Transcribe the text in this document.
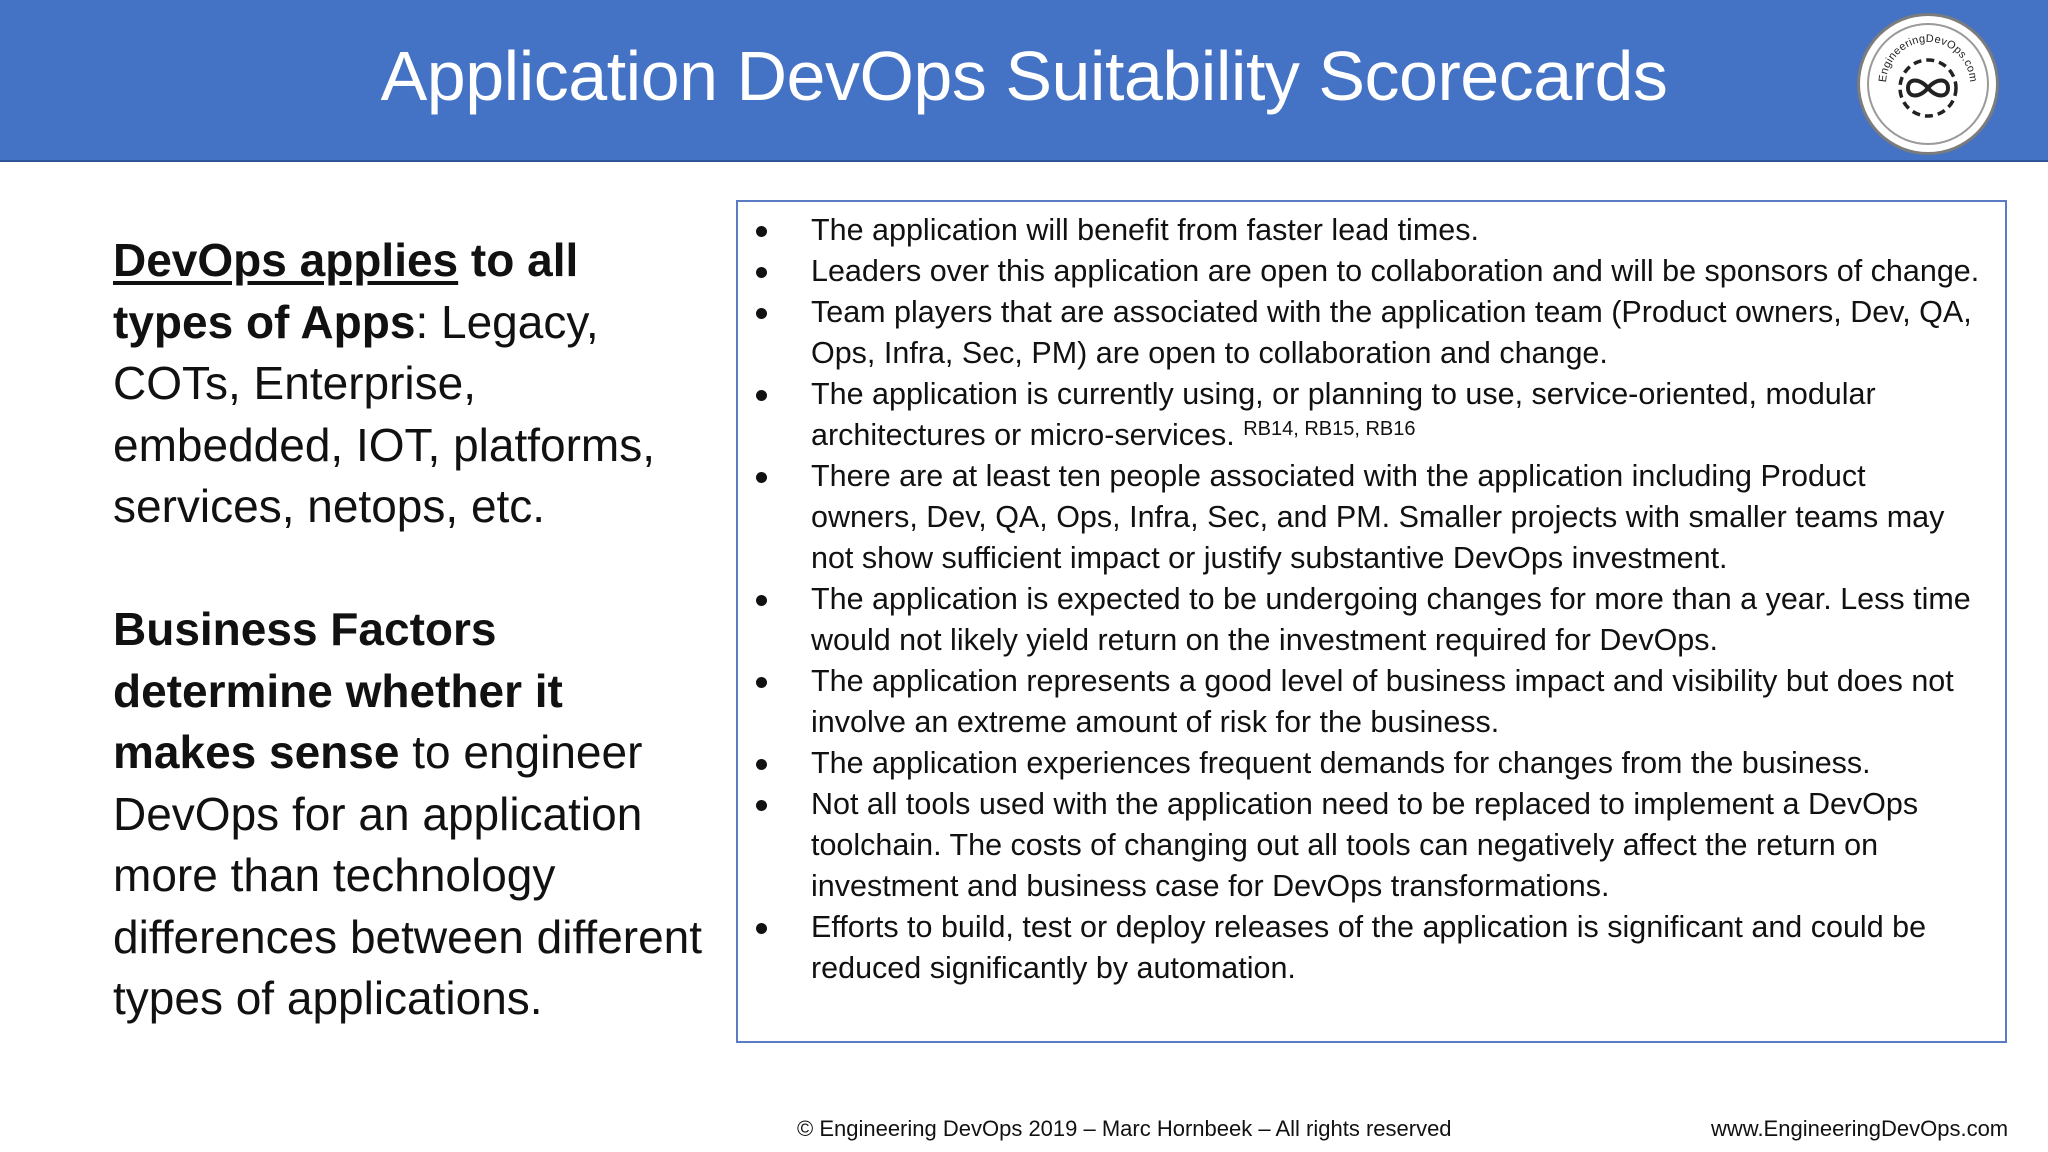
Application DevOps Suitability Scorecards	EngineeringDevOps.com

DevOps applies to all types of Apps: Legacy, COTs, Enterprise, embedded, IOT, platforms, services, netops, etc.

Business Factors determine whether it makes sense to engineer DevOps for an application more than technology differences between different types of applications.

The application will benefit from faster lead times.
Leaders over this application are open to collaboration and will be sponsors of change.
Team players that are associated with the application team (Product owners, Dev, QA, Ops, Infra, Sec, PM) are open to collaboration and change.
The application is currently using, or planning to use, service-oriented, modular architectures or micro-services. $^{RB14, RB15, RB16}$
There are at least ten people associated with the application including Product owners, Dev, QA, Ops, Infra, Sec, and PM. Smaller projects with smaller teams may not show sufficient impact or justify substantive DevOps investment.
The application is expected to be undergoing changes for more than a year. Less time would not likely yield return on the investment required for DevOps.
The application represents a good level of business impact and visibility but does not involve an extreme amount of risk for the business.
The application experiences frequent demands for changes from the business.
Not all tools used with the application need to be replaced to implement a DevOps toolchain. The costs of changing out all tools can negatively affect the return on investment and business case for DevOps transformations.
Efforts to build, test or deploy releases of the application is significant and could be reduced significantly by automation.
© Engineering DevOps 2019 – Marc Hornbeek – All rights reserved	www.EngineeringDevOps.com
